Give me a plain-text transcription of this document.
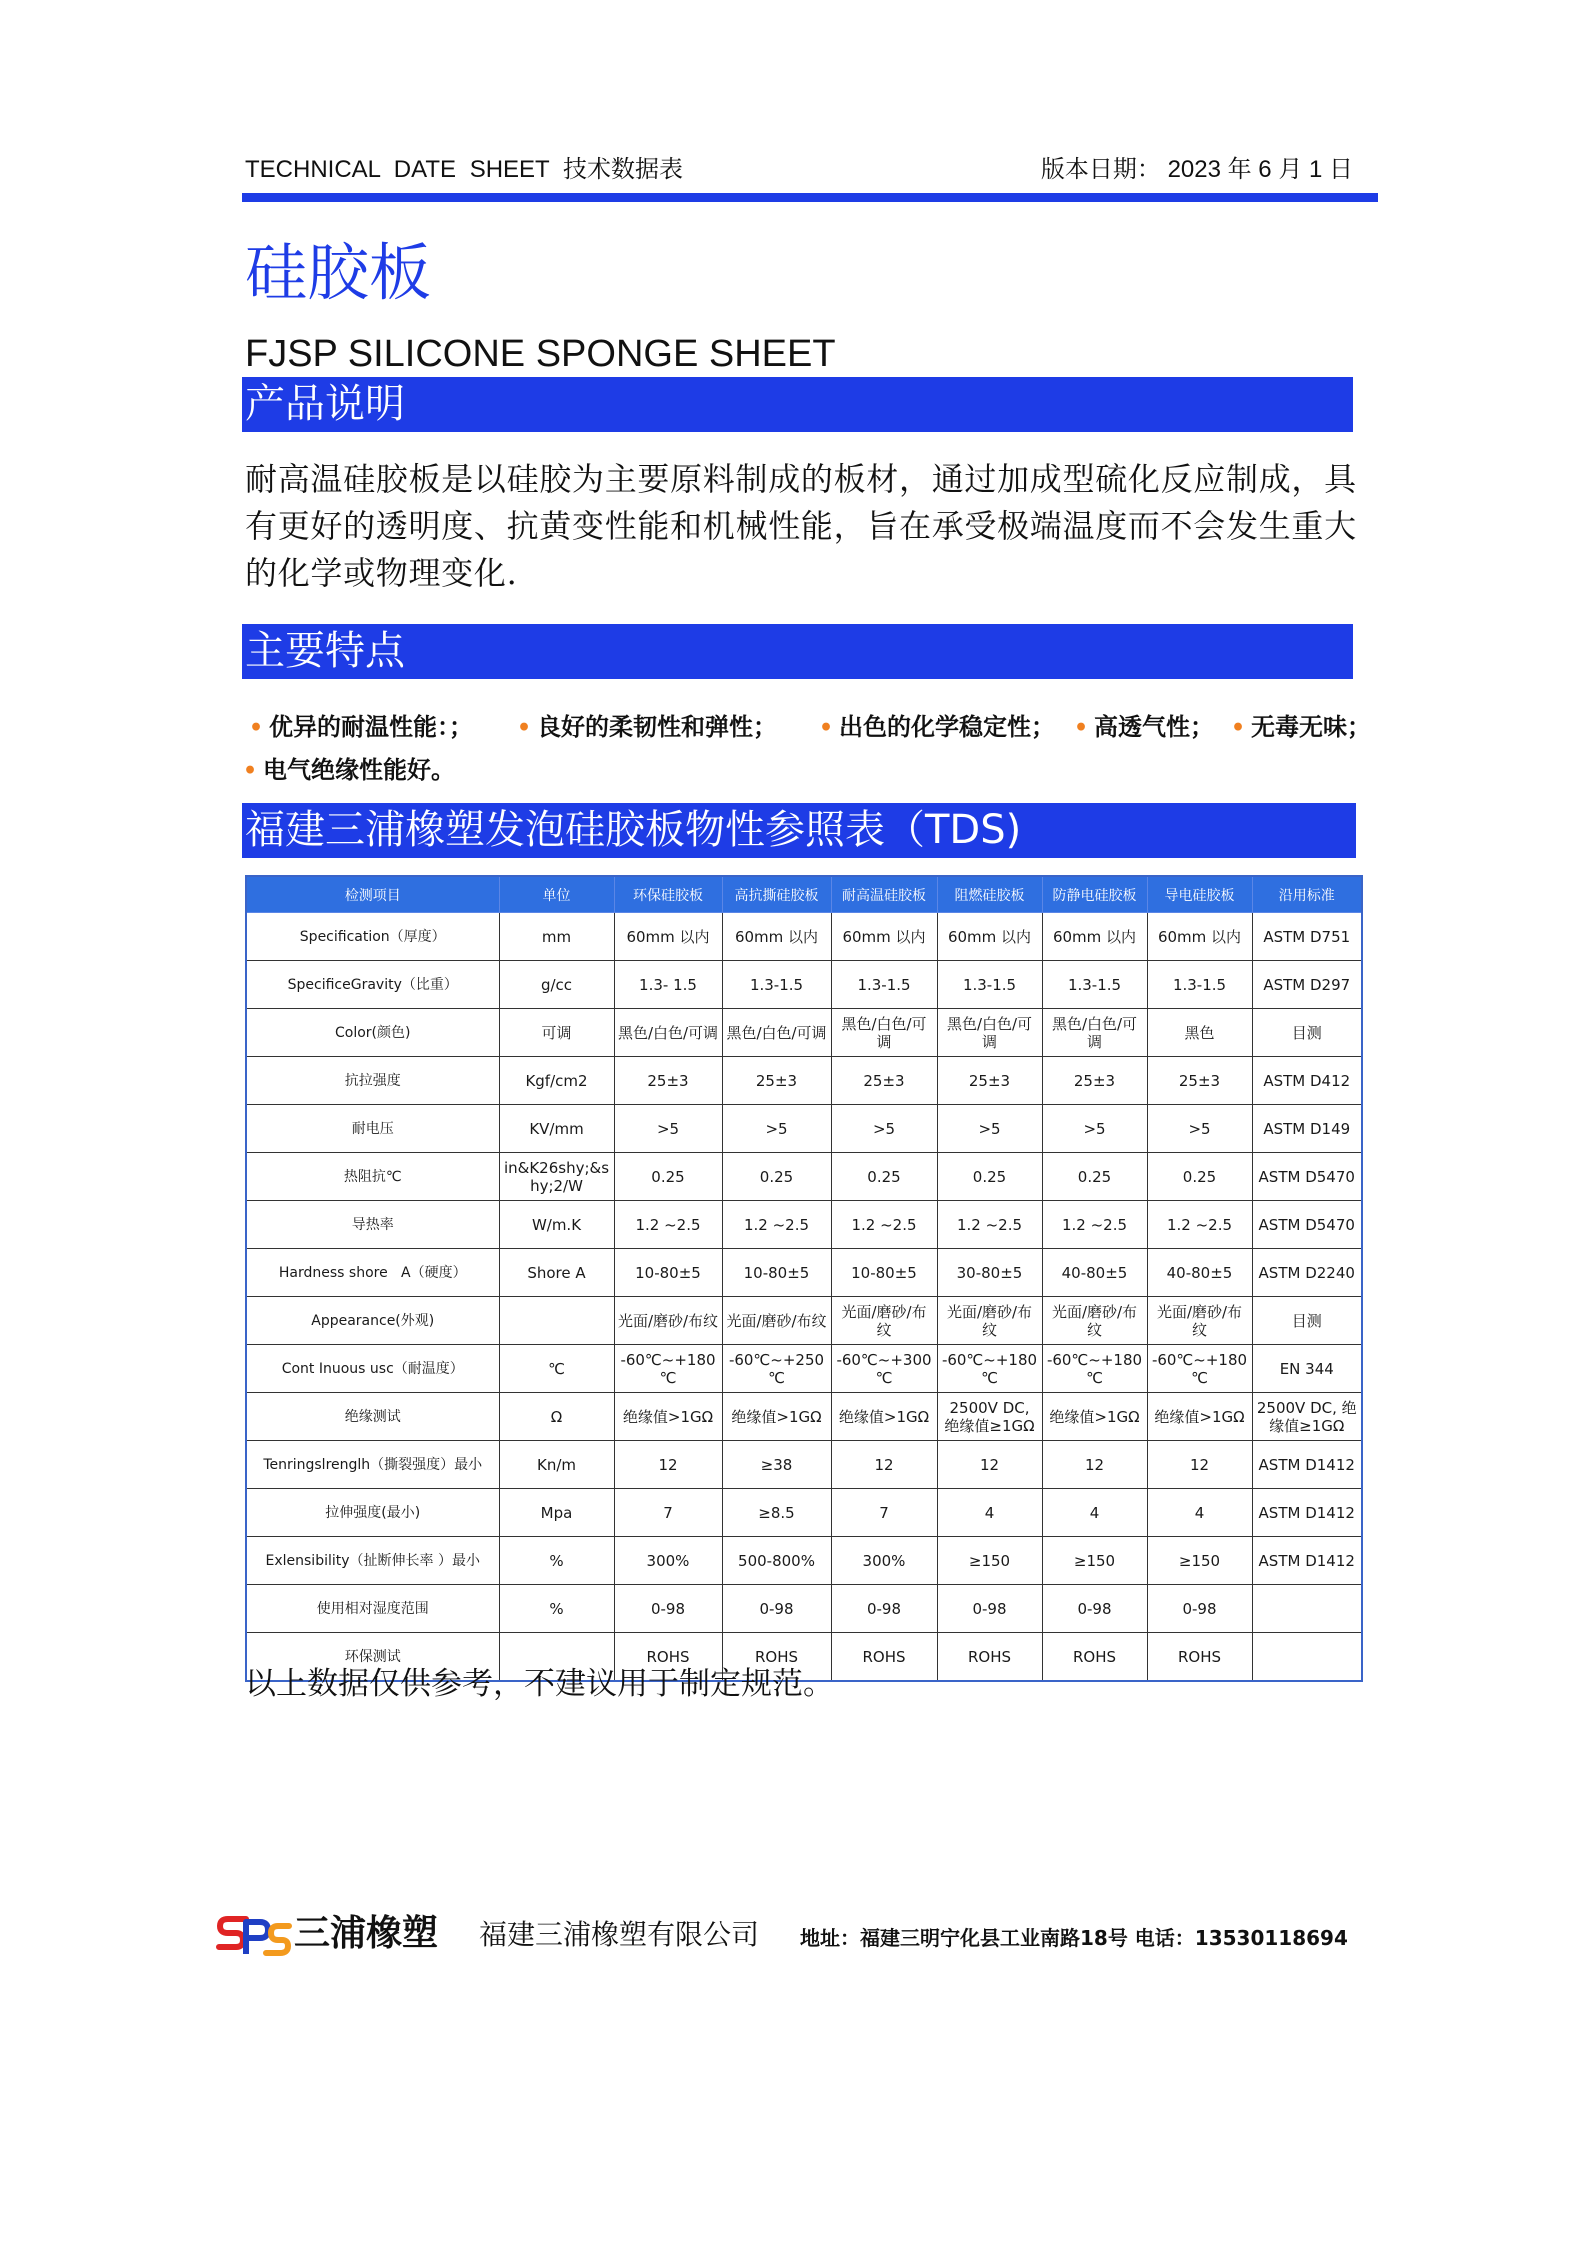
TECHNICAL DATE SHEET 技术数据表	版本日期： 2023 年 6 月 1 日
硅胶板
FJSP SILICONE SPONGE SHEET
产品说明
耐高温硅胶板是以硅胶为主要原料制成的板材，通过加成型硫化反应制成，具
有更好的透明度、抗黄变性能和机械性能，旨在承受极端温度而不会发生重大
的化学或物理变化.
主要特点
• 优异的耐温性能：； • 良好的柔韧性和弹性； • 出色的化学稳定性； • 高透气性； • 无毒无味；
• 电气绝缘性能好。
福建三浦橡塑发泡硅胶板物性参照表（TDS)
检测项目	单位	环保硅胶板	高抗撕硅胶板	耐高温硅胶板	阻燃硅胶板	防静电硅胶板	导电硅胶板	沿用标准
Specification（厚度）	mm	60mm 以内	60mm 以内	60mm 以内	60mm 以内	60mm 以内	60mm 以内	ASTM D751
SpecificeGravity（比重）	g/cc	1.3- 1.5	1.3-1.5	1.3-1.5	1.3-1.5	1.3-1.5	1.3-1.5	ASTM D297
Color(颜色)	可调	黑色/白色/可调	黑色/白色/可调	黑色/白色/可调	黑色/白色/可调	黑色/白色/可调	黑色	目测
抗拉强度	Kgf/cm2	25±3	25±3	25±3	25±3	25±3	25±3	ASTM D412
耐电压	KV/mm	>5	>5	>5	>5	>5	>5	ASTM D149
热阻抗℃	in&K26shy;&shy;2/W	0.25	0.25	0.25	0.25	0.25	0.25	ASTM D5470
导热率	W/m.K	1.2 ~2.5	1.2 ~2.5	1.2 ~2.5	1.2 ~2.5	1.2 ~2.5	1.2 ~2.5	ASTM D5470
Hardness shore   A（硬度）	Shore A	10-80±5	10-80±5	10-80±5	30-80±5	40-80±5	40-80±5	ASTM D2240
Appearance(外观)		光面/磨砂/布纹	光面/磨砂/布纹	光面/磨砂/布纹	光面/磨砂/布纹	光面/磨砂/布纹	光面/磨砂/布纹	目测
Cont Inuous usc（耐温度）	℃	-60℃~+180℃	-60℃~+250℃	-60℃~+300℃	-60℃~+180℃	-60℃~+180℃	-60℃~+180℃	EN 344
绝缘测试	Ω	绝缘值>1GΩ	绝缘值>1GΩ	绝缘值>1GΩ	2500V DC, 绝缘值≥1GΩ	绝缘值>1GΩ	绝缘值>1GΩ	2500V DC, 绝缘值≥1GΩ
Tenringslrenglh（撕裂强度）最小	Kn/m	12	≥38	12	12	12	12	ASTM D1412
拉伸强度(最小)	Mpa	7	≥8.5	7	4	4	4	ASTM D1412
Exlensibility（扯断伸长率 ）最小	%	300%	500-800%	300%	≥150	≥150	≥150	ASTM D1412
使用相对湿度范围	%	0-98	0-98	0-98	0-98	0-98	0-98	
环保测试		ROHS	ROHS	ROHS	ROHS	ROHS	ROHS	
以上数据仅供参考，不建议用于制定规范。
三浦橡塑 福建三浦橡塑有限公司 地址：福建三明宁化县工业南路18号 电话：13530118694
